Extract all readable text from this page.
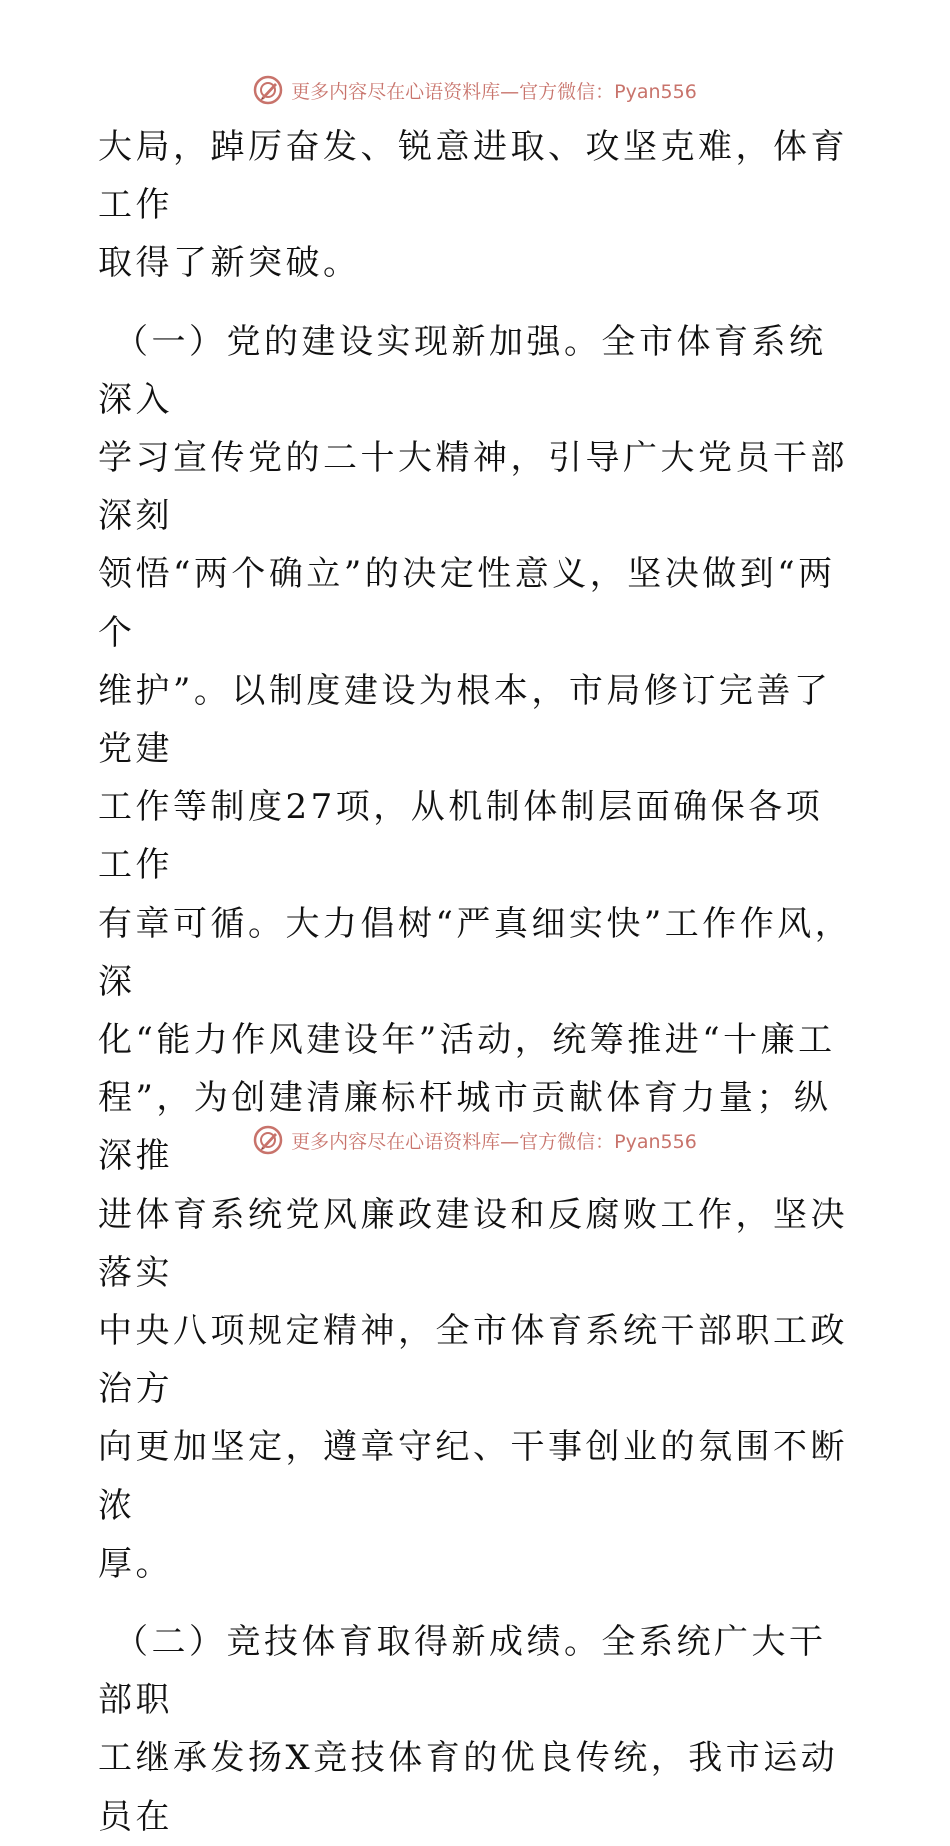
更多内容尽在心语资料库—官方微信：Pyan556

大局，踔厉奋发、锐意进取、攻坚克难，体育工作
取得了新突破。

（一）党的建设实现新加强。全市体育系统深入
学习宣传党的二十大精神，引导广大党员干部深刻
领悟“两个确立”的决定性意义，坚决做到“两个
维护”。以制度建设为根本，市局修订完善了党建
工作等制度27项，从机制体制层面确保各项工作
有章可循。大力倡树“严真细实快”工作作风，深
化“能力作风建设年”活动，统筹推进“十廉工
程”，为创建清廉标杆城市贡献体育力量；纵深推
进体育系统党风廉政建设和反腐败工作，坚决落实
中央八项规定精神，全市体育系统干部职工政治方
向更加坚定，遵章守纪、干事创业的氛围不断浓
厚。

（二）竞技体育取得新成绩。全系统广大干部职
工继承发扬X竞技体育的优良传统，我市运动员在

更多内容尽在心语资料库—官方微信：Pyan556
